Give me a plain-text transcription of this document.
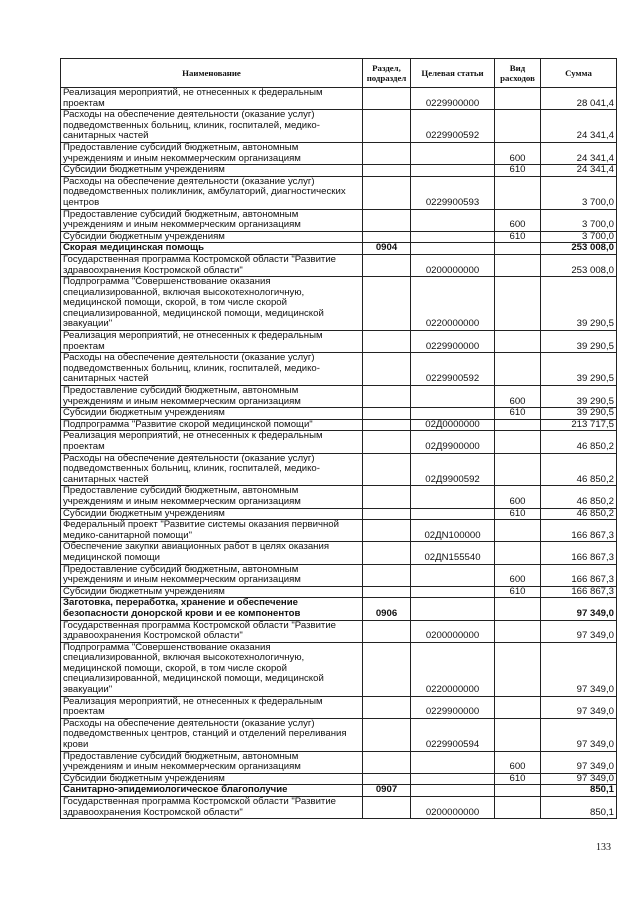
Наименование	Раздел, подраздел	Целевая статьи	Вид расходов	Сумма
Реализация мероприятий, не отнесенных к федеральным проектам		0229900000		28 041,4
Расходы на обеспечение деятельности (оказание услуг) подведомственных больниц, клиник, госпиталей, медико-санитарных частей		0229900592		24 341,4
Предоставление субсидий бюджетным, автономным учреждениям и иным некоммерческим организациям			600	24 341,4
Субсидии бюджетным учреждениям			610	24 341,4
Расходы на обеспечение деятельности (оказание услуг) подведомственных поликлиник, амбулаторий, диагностических центров		0229900593		3 700,0
Предоставление субсидий бюджетным, автономным учреждениям и иным некоммерческим организациям			600	3 700,0
Субсидии бюджетным учреждениям			610	3 700,0
Скорая медицинская помощь	0904			253 008,0
Государственная программа Костромской области "Развитие здравоохранения Костромской области"		0200000000		253 008,0
Подпрограмма "Совершенствование оказания специализированной, включая высокотехнологичную, медицинской помощи, скорой, в том числе скорой специализированной, медицинской помощи, медицинской эвакуации"		0220000000		39 290,5
Реализация мероприятий, не отнесенных к федеральным проектам		0229900000		39 290,5
Расходы на обеспечение деятельности (оказание услуг) подведомственных больниц, клиник, госпиталей, медико-санитарных частей		0229900592		39 290,5
Предоставление субсидий бюджетным, автономным учреждениям и иным некоммерческим организациям			600	39 290,5
Субсидии бюджетным учреждениям			610	39 290,5
Подпрограмма "Развитие скорой медицинской помощи"		02Д0000000		213 717,5
Реализация мероприятий, не отнесенных к федеральным проектам		02Д9900000		46 850,2
Расходы на обеспечение деятельности (оказание услуг) подведомственных больниц, клиник, госпиталей, медико-санитарных частей		02Д9900592		46 850,2
Предоставление субсидий бюджетным, автономным учреждениям и иным некоммерческим организациям			600	46 850,2
Субсидии бюджетным учреждениям			610	46 850,2
Федеральный проект "Развитие системы оказания первичной медико-санитарной помощи"		02ДN100000		166 867,3
Обеспечение закупки авиационных работ в целях оказания медицинской помощи		02ДN155540		166 867,3
Предоставление субсидий бюджетным, автономным учреждениям и иным некоммерческим организациям			600	166 867,3
Субсидии бюджетным учреждениям			610	166 867,3
Заготовка, переработка, хранение и обеспечение безопасности донорской крови и ее компонентов	0906			97 349,0
Государственная программа Костромской области "Развитие здравоохранения Костромской области"		0200000000		97 349,0
Подпрограмма "Совершенствование оказания специализированной, включая высокотехнологичную, медицинской помощи, скорой, в том числе скорой специализированной, медицинской помощи, медицинской эвакуации"		0220000000		97 349,0
Реализация мероприятий, не отнесенных к федеральным проектам		0229900000		97 349,0
Расходы на обеспечение деятельности (оказание услуг) подведомственных центров, станций и отделений переливания крови		0229900594		97 349,0
Предоставление субсидий бюджетным, автономным учреждениям и иным некоммерческим организациям			600	97 349,0
Субсидии бюджетным учреждениям			610	97 349,0
Санитарно-эпидемиологическое благополучие	0907			850,1
Государственная программа Костромской области "Развитие здравоохранения Костромской области"		0200000000		850,1
133
